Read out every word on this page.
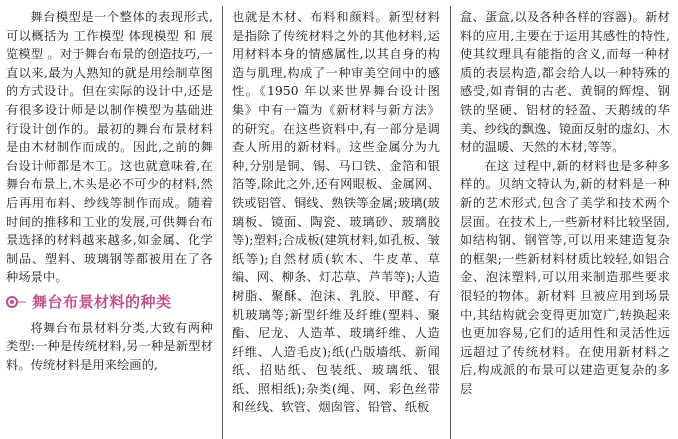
舞台模型是一个整体的表现形式,可以概括为 工作模型 体现模型 和 展览模型 。对于舞台布景的创造技巧,一直以来,最为人熟知的就是用绘制草图的方式设计。但在实际的设计中,还是有很多设计师是以制作模型为基础进行设计创作的。最初的舞台布景材料是由木材制作而成的。因此,之前的舞台设计师都是木工。这也就意味着,在舞台布景上,木头是必不可少的材料,然后再用布料、纱线等制作而成。随着时间的推移和工业的发展,可供舞台布景选择的材料越来越多,如金属、化学制品、塑料、玻璃钢等都被用在了各种场景中。

舞台布景材料的种类

将舞台布景材料分类,大致有两种类型:一种是传统材料,另一种是新型材料。传统材料是用来绘画的,

也就是木材、布料和颜料。新型材料是指除了传统材料之外的其他材料,运用材料本身的情感属性,以其自身的构造与肌理,构成了一种审美空间中的感性。《1950 年以来世界舞台设计图集》中有一篇为《新材料与新方法》的研究。在这些资料中,有一部分是调查人所用的新材料。这些金属分为九种,分别是铜、锡、马口铁、金箔和银箔等,除此之外,还有网眼板、金属网、铁或铝管、铜线、熟铁等金属;玻璃(玻璃板、镜面、陶瓷、玻璃砂、玻璃胶等);塑料;合成板(建筑材料,如孔板、皱纸等);自然材质(软木、牛皮革、草编、网、柳条、灯芯草、芦苇等);人造树脂、聚酥、泡沫、乳胶、甲醛、有机玻璃等;新型纤维及纤维(塑料、聚酯、尼龙、人造革、玻璃纤维、人造纤维、人造毛皮);纸(凸版墙纸、新闻纸、招贴纸、包装纸、玻璃纸、银纸、照相纸);杂类(绳、网、彩色丝带和丝线、软管、烟囱管、铅管、纸板

盒、蛋盒,以及各种各样的容器)。新材料的应用,主要在于运用其感性的特性,使其纹理具有能指的含义,而每一种材质的表层构造,都会给人以一种特殊的感受,如青铜的古老、黄铜的辉煌、钢铁的坚硬、铝材的轻盈、天鹅绒的华美、纱线的飘逸、镜面反射的虚幻、木材的温暖、天然的木材,等等。

在这 过程中,新的材料也是多种多样的。贝纳文特认为,新的材料是一种新的艺术形式,包含了美学和技术两个层面。在技术上,一些新材料比较坚固,如结构钢、钢管等,可以用来建造复杂的框架;一些新材料材质比较轻,如铝合金、泡沫塑料,可以用来制造那些要求很轻的物体。新材料 旦被应用到场景中,其结构就会变得更加宽广,转换起来也更加容易,它们的适用性和灵活性远远超过了传统材料。在使用新材料之后,构成派的布景可以建造更复杂的多层
